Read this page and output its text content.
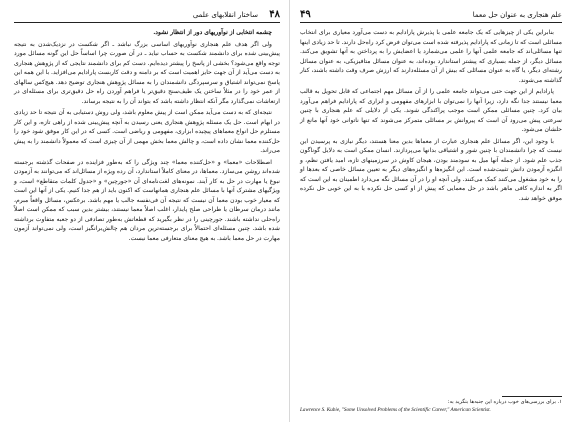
علم هنجاری به عنوان حل معما
۴۹

بنابراین یکی از چیزهایی که یک جامعه علمی با پذیرش پارادایم به دست می‌آورد معیاری برای انتخاب مسائلی است که تا زمانی که پارادایم پذیرفته شده است می‌توان فرض کرد راه‌حل دارند. تا حد زیادی اینها تنها مسائلی‌اند که جامعه علمی آنها را علمی می‌شمارد یا اعضایش را به پرداختن به آنها تشویق می‌کند. مسائل دیگر، از جمله بسیاری که پیشتر استاندارد بوده‌اند، به عنوان مسائل متافیزیکی، به عنوان مسائل رشته‌ای دیگر، یا گاه به عنوان مسائلی که بیش از آن مسئله‌دارند که ارزش صرف وقت داشته باشند، کنار گذاشته می‌شوند.

پارادایم از این جهت حتی می‌تواند جامعه علمی را از آن مسائل مهم اجتماعی که قابل تحویل به قالب معما نیستند جدا نگه دارد، زیرا آنها را نمی‌توان با ابزارهای مفهومی و ابزاری که پارادایم فراهم می‌آورد بیان کرد. چنین مسائلی ممکن است موجب پراکندگی شوند. یکی از دلایلی که علم هنجاری با چنین سرعتی پیش می‌رود آن است که پیروانش بر مسائلی متمرکز می‌شوند که تنها ناتوانی خود آنها مانع از حلشان می‌شود.

با وجود این، اگر مسائل علم هنجاری عبارت از معماها بدین معنا هستند، دیگر نیازی به پرسیدن این نیست که چرا دانشمندان با چنین شور و اشتیاقی بدانها می‌پردازند. انسان ممکن است به دلایل گوناگون جذب علم شود. از جمله آنها میل به سودمند بودن، هیجان کاوش در سرزمینهای تازه، امید یافتن نظم، و انگیزه آزمودن دانش تثبیت‌شده است. این انگیزه‌ها و انگیزه‌های دیگر به تعیین مسائل خاصی که بعدها او را به خود مشغول می‌کنند کمک می‌کنند. ولی آنچه او را در آن مسائل نگه می‌دارد اطمینان به این است که اگر به اندازه کافی ماهر باشد در حل معمایی که پیش از او کسی حل نکرده یا به این خوبی حل نکرده موفق خواهد شد.

۱. برای بررسی‌های خوب درباره این جنبه‌ها بنگرید به:
Lawrence S. Kubie, "Some Unsolved Problems of the Scientific Career," American Scientist.
۴۸
ساختار انقلابهای علمی

چشمه انتخابی از نوآوریهای دور از انتظار نشود.

ولی اگر هدف علم هنجاری نوآوریهای اساسی بزرگ نباشد ـ اگر شکست در نزدیک‌شدن به نتیجه پیش‌بینی شده برای دانشمند شکست به حساب نیاید ـ در آن صورت چرا اساساً حل این گونه مسائل مورد توجه واقع می‌شود؟ بخشی از پاسخ را پیشتر دیده‌ایم. دست کم برای دانشمند نتایجی که از پژوهش هنجاری به دست می‌آید از آن جهت حایز اهمیت است که بر دامنه و دقت کاربست پارادایم می‌افزاید. با این همه این پاسخ نمی‌تواند اشتیاق و سرسپردگی دانشمندان را به مسائل پژوهش هنجاری توضیح دهد. هیچ‌کس سالهای از عمر خود را در مثلاً ساختن یک طیف‌سنج دقیق‌تر یا فراهم آوردن راه حل دقیق‌تری برای مسئله‌ای در ارتعاشات نمی‌گذارد مگر آنکه انتظار داشته باشد که بتواند آن را به نتیجه برساند.

نتیجه‌ای که به دست می‌آید ممکن است از پیش معلوم باشد، ولی روش دستیابی به آن نتیجه تا حد زیادی در ابهام است. حل یک مسئله پژوهش هنجاری یعنی رسیدن به آنچه پیش‌بینی شده از راهی تازه، و این کار مستلزم حل انواع معماهای پیچیده ابزاری، مفهومی و ریاضی است. کسی که در این کار موفق شود خود را حل‌کننده معما نشان داده است، و چالش معما بخش مهمی از آن چیزی است که معمولاً دانشمند را به پیش می‌راند.

اصطلاحات «معما» و «حل‌کننده معما» چند ویژگی را که به‌طور فزاینده در صفحات گذشته برجسته شده‌اند روشن می‌سازد. معماها، در معنای کاملاً استاندارد، آن رده ویژه از مسائل‌اند که می‌توانند به آزمودن نبوغ یا مهارت در حل به کار آیند. نمونه‌های لغت‌نامه‌ای آن «جورچین» و «جدول کلمات متقاطع» است، و ویژگیهای مشترک آنها با مسائل علم هنجاری همانهاست که اکنون باید از هم جدا کنیم. یکی از آنها این است که معیار خوب بودن معما آن نیست که نتیجه آن فی‌نفسه جالب یا مهم باشد. برعکس، مسائل واقعاً مبرم، مانند درمان سرطان یا طراحی صلح پایدار، اغلب اصلاً معما نیستند، بیشتر بدین سبب که ممکن است اصلاً راه‌حلی نداشته باشند. جورچینی را در نظر بگیرید که قطعاتش به‌طور تصادفی از دو جعبه متفاوت برداشته شده باشد. چنین مسئله‌ای احتمالاً برای برجسته‌ترین مردان هم چالش‌برانگیز است، ولی نمی‌تواند آزمون مهارت در حل معما باشد. به هیچ معنای متعارفی معما نیست.
